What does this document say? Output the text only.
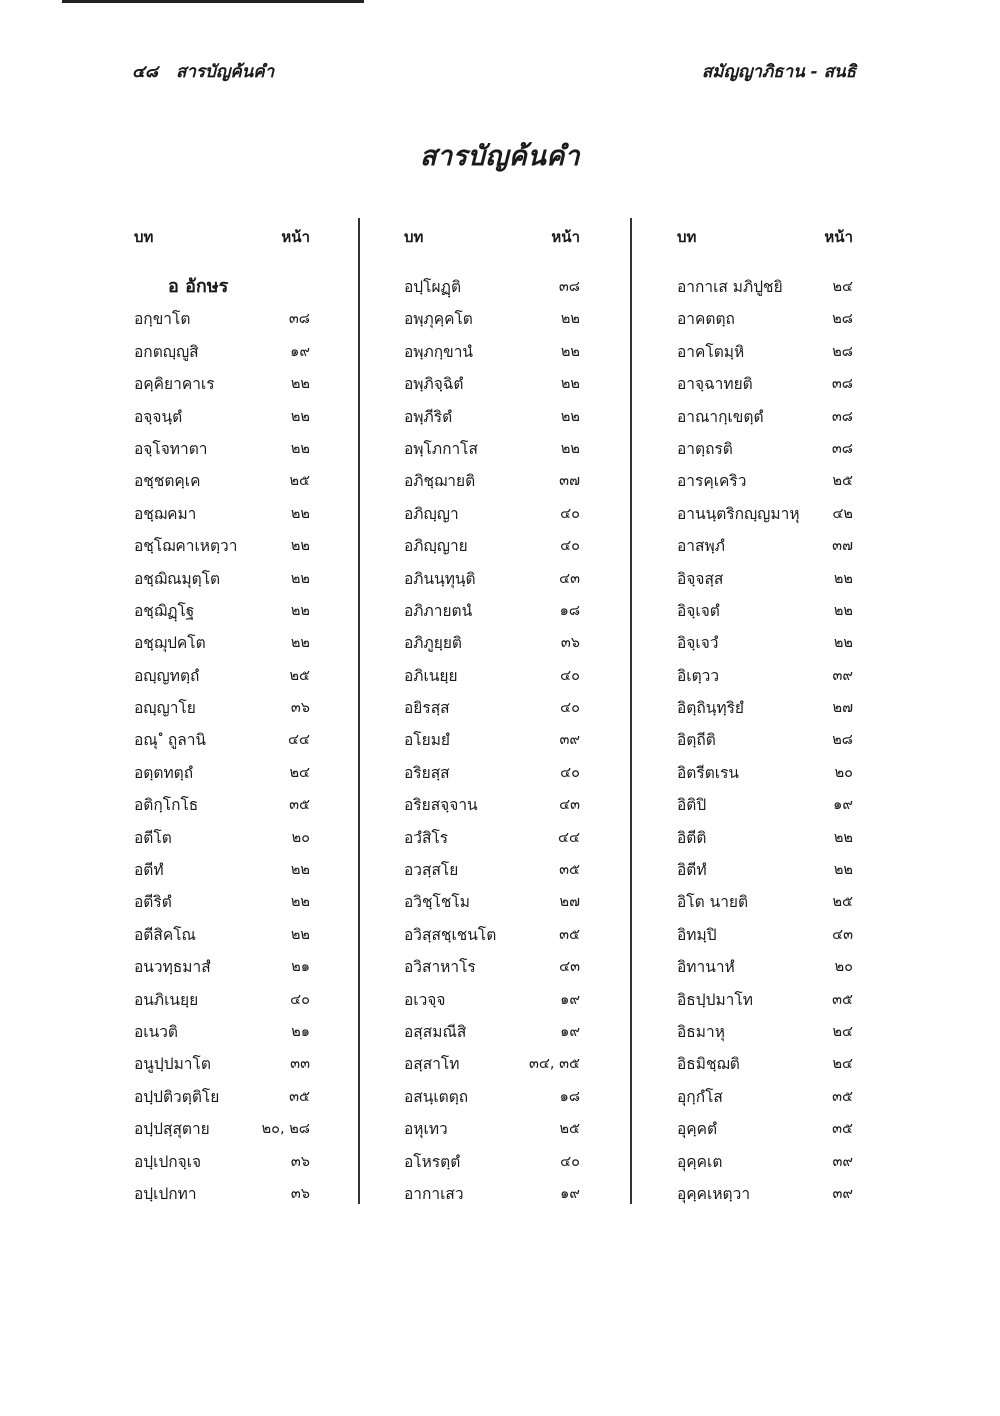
๔๘ สารบัญค้นคำ	สมัญญาภิธาน - สนธิ
สารบัญค้นคำ
บท	หน้า
อ อักษร
อกฺขาโต	๓๘
อกตญฺญูสิ	๑๙
อคฺคิยาคาเร	๒๒
อจฺจนฺตํ	๒๒
อจฺโจทาตา	๒๒
อชฺชตคฺเค	๒๕
อชฺฌคมา	๒๒
อชฺโฌคาเหตฺวา	๒๒
อชฺฌิณมุตฺโต	๒๒
อชฺฌิฏฺโฐ	๒๒
อชฺฌุปคโต	๒๒
อญฺญทตฺถํ	๒๕
อญฺญาโย	๓๖
อณุ ํ ถูลานิ	๔๔
อตฺตทตฺถํ	๒๔
อติกฺโกโธ	๓๕
อตีโต	๒๐
อตีทํ	๒๒
อตีริตํ	๒๒
อตีสิคโณ	๒๒
อนวทฺธมาสํ	๒๑
อนภิเนยฺย	๔๐
อเนวติ	๒๑
อนูปฺปมาโต	๓๓
อปฺปติวตฺติโย	๓๕
อปฺปสฺสุตาย	๒๐, ๒๘
อปฺเปกจฺเจ	๓๖
อปฺเปกทา	๓๖
บท	หน้า
อปฺโผฏฺติ	๓๘
อพฺภุคฺคโต	๒๒
อพฺภกฺขานํ	๒๒
อพฺภิจฺฉิตํ	๒๒
อพฺภีริตํ	๒๒
อพฺโภกาโส	๒๒
อภิชฺฌายติ	๓๗
อภิญฺญา	๔๐
อภิญฺญาย	๔๐
อภินนฺทุนฺติ	๔๓
อภิภายตนํ	๑๘
อภิภูยฺยติ	๓๖
อภิเนยฺย	๔๐
อยิรสฺส	๔๐
อโยมยํ	๓๙
อริยสฺส	๔๐
อริยสจฺจาน	๔๓
อวํสิโร	๔๔
อวสฺสโย	๓๕
อวิชฺโชโม	๒๗
อวิสฺสชฺเชนโต	๓๕
อวิสาหาโร	๔๓
อเวจฺจ	๑๙
อสฺสมณีสิ	๑๙
อสฺสาโท	๓๔, ๓๕
อสนฺเตตฺถ	๑๘
อหุเทว	๒๕
อโหรตฺตํ	๔๐
อากาเสว	๑๙
บท	หน้า
อากาเส มภิปูชยิ	๒๔
อาคตตฺถ	๒๘
อาคโตมฺหิ	๒๘
อาจฺฉาทยติ	๓๘
อาณากฺเขตฺตํ	๓๘
อาตฺถรติ	๓๘
อารคฺเคริว	๒๕
อานนฺตริกญฺญมาหุ ๔๒
อาสพฺภํ	๓๗
อิจฺจสฺส	๒๒
อิจฺเจตํ	๒๒
อิจฺเจวํ	๒๒
อิเตฺวว	๓๙
อิตฺถินฺทฺริยํ	๒๗
อิตฺถีติ	๒๘
อิตรีตเรน	๒๐
อิติปิ	๑๙
อิตีติ	๒๒
อิตีทํ	๒๒
อิโต นายติ	๒๕
อิทมฺปิ	๔๓
อิทานาหํ	๒๐
อิธปฺปมาโท	๓๕
อิธมาหุ	๒๔
อิธมิชฺฌติ	๒๔
อุกฺกํโส	๓๕
อุคฺคตํ	๓๕
อุคฺคเต	๓๙
อุคฺคเหตฺวา	๓๙
